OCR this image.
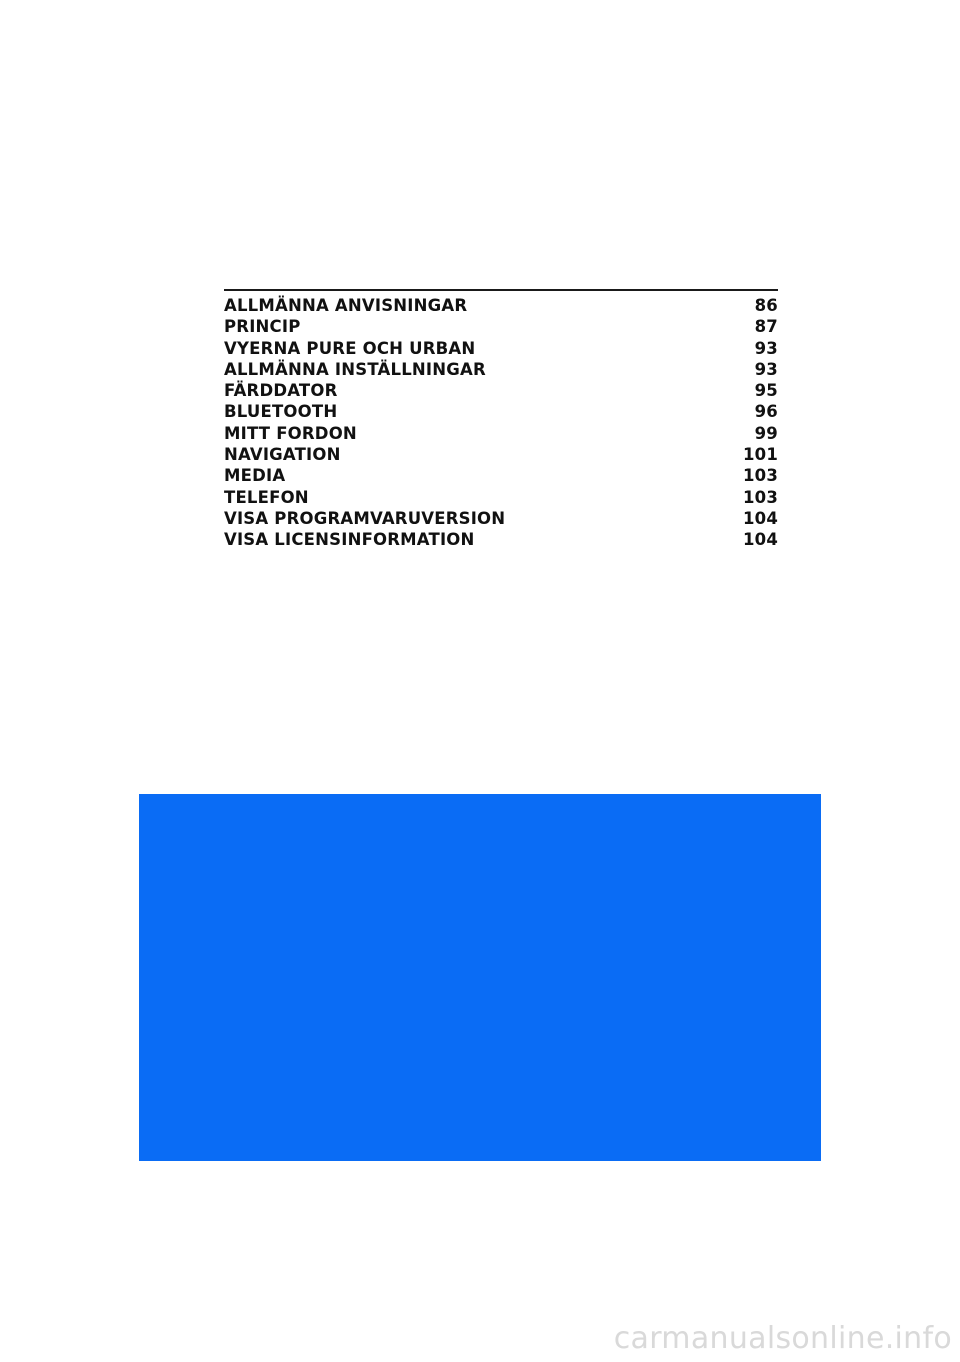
ALLMÄNNA ANVISNINGAR	86
PRINCIP	87
VYERNA PURE OCH URBAN	93
ALLMÄNNA INSTÄLLNINGAR	93
FÄRDDATOR	95
BLUETOOTH	96
MITT FORDON	99
NAVIGATION	101
MEDIA	103
TELEFON	103
VISA PROGRAMVARUVERSION	104
VISA LICENSINFORMATION	104
carmanualsonline.info
